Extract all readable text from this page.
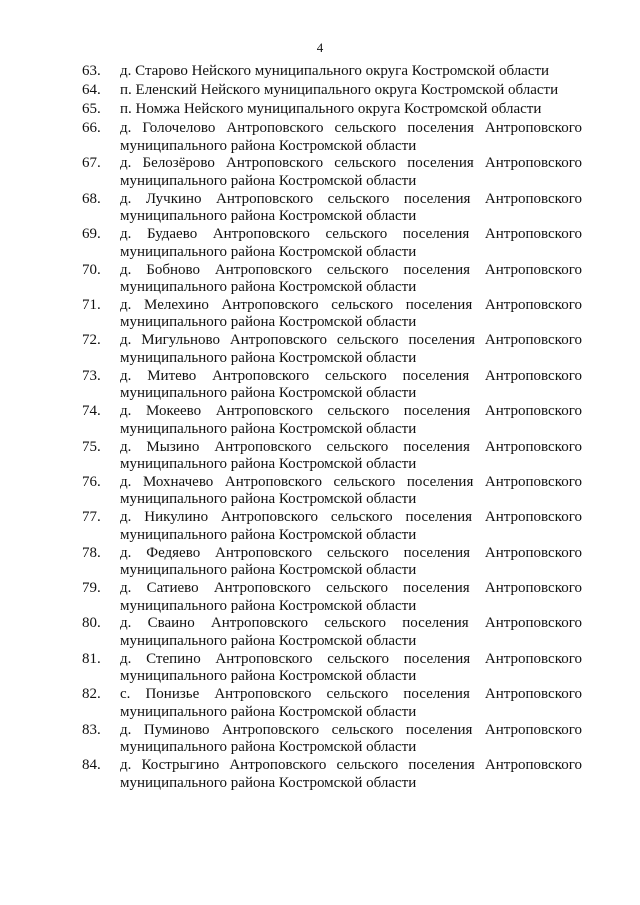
4
63. д. Старово Нейского муниципального округа Костромской области
64. п. Еленский Нейского муниципального округа Костромской области
65. п. Номжа Нейского муниципального округа Костромской области
66. д. Голочелово Антроповского сельского поселения Антроповского муниципального района Костромской области
67. д. Белозёрово Антроповского сельского поселения Антроповского муниципального района Костромской области
68. д. Лучкино Антроповского сельского поселения Антроповского муниципального района Костромской области
69. д. Будаево Антроповского сельского поселения Антроповского муниципального района Костромской области
70. д. Бобново Антроповского сельского поселения Антроповского муниципального района Костромской области
71. д. Мелехино Антроповского сельского поселения Антроповского муниципального района Костромской области
72. д. Мигульново Антроповского сельского поселения Антроповского муниципального района Костромской области
73. д. Митево Антроповского сельского поселения Антроповского муниципального района Костромской области
74. д. Мокеево Антроповского сельского поселения Антроповского муниципального района Костромской области
75. д. Мызино Антроповского сельского поселения Антроповского муниципального района Костромской области
76. д. Мохначево Антроповского сельского поселения Антроповского муниципального района Костромской области
77. д. Никулино Антроповского сельского поселения Антроповского муниципального района Костромской области
78. д. Федяево Антроповского сельского поселения Антроповского муниципального района Костромской области
79. д. Сатиево Антроповского сельского поселения Антроповского муниципального района Костромской области
80. д. Сваино Антроповского сельского поселения Антроповского муниципального района Костромской области
81. д. Степино Антроповского сельского поселения Антроповского муниципального района Костромской области
82. с. Понизье Антроповского сельского поселения Антроповского муниципального района Костромской области
83. д. Пуминово Антроповского сельского поселения Антроповского муниципального района Костромской области
84. д. Кострыгино Антроповского сельского поселения Антроповского муниципального района Костромской области
